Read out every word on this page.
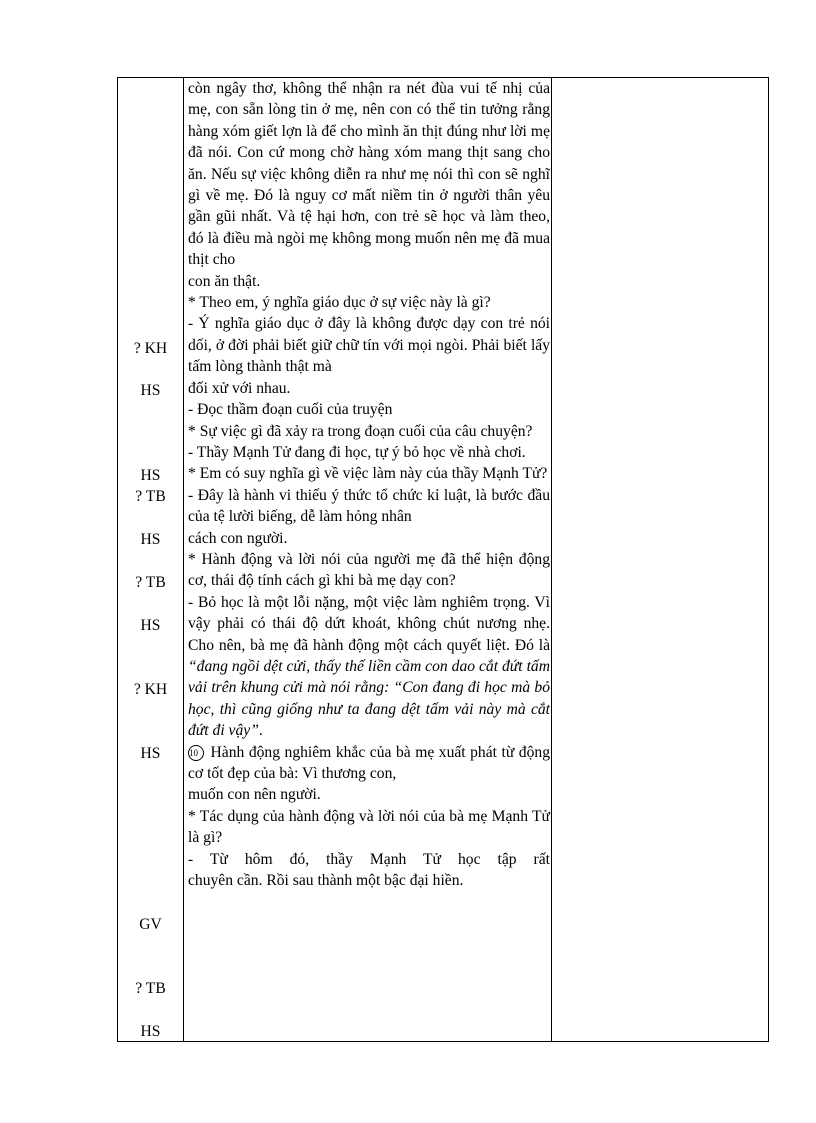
? KH
HS
HS
? TB
HS
? TB
HS
? KH
HS
GV
? TB
HS

còn ngây thơ, không thể nhận ra nét đùa vui tế nhị của mẹ, con sẵn lòng tin ở mẹ, nên con có thể tin tưởng rằng hàng xóm giết lợn là để cho mình ăn thịt đúng như lời mẹ đã nói. Con cứ mong chờ hàng xóm mang thịt sang cho ăn. Nếu sự việc không diễn ra như mẹ nói thì con sẽ nghĩ gì về mẹ. Đó là nguy cơ mất niềm tin ở người thân yêu gần gũi nhất. Và tệ hại hơn, con trẻ sẽ học và làm theo, đó là điều mà ngòi mẹ không mong muốn nên mẹ đã mua thịt cho

con ăn thật.

* Theo em, ý nghĩa giáo dục ở sự việc này là gì?

- Ý nghĩa giáo dục ở đây là không được dạy con trẻ nói dối, ở đời phải biết giữ chữ tín với mọi ngòi. Phải biết lấy tấm lòng thành thật mà

đối xử với nhau.

- Đọc thầm đoạn cuối của truyện

* Sự việc gì đã xảy ra trong đoạn cuối của câu chuyện?

- Thầy Mạnh Tử đang đi học, tự ý bỏ học về nhà chơi.

* Em có suy nghĩa gì về việc làm này của thầy Mạnh Tử?

- Đây là hành vi thiếu ý thức tổ chức kỉ luật, là bước đầu của tệ lười biếng, dễ làm hỏng nhân

cách con người.

* Hành động và lời nói của người mẹ đã thể hiện động cơ, thái độ tính cách gì khi bà mẹ dạy con?

- Bỏ học là một lỗi nặng, một việc làm nghiêm trọng. Vì vậy phải có thái độ dứt khoát, không chút nương nhẹ. Cho nên, bà mẹ đã hành động một cách quyết liệt. Đó là “đang ngồi dệt cửi, thấy thế liền cầm con dao cắt đứt tấm vải trên khung cửi mà nói rằng: “Con đang đi học mà bỏ học, thì cũng giống như ta đang dệt tấm vải này mà cắt đứt đi vậy”.

10 Hành động nghiêm khắc của bà mẹ xuất phát từ động cơ tốt đẹp của bà: Vì thương con,

muốn con nên người.

* Tác dụng của hành động và lời nói của bà mẹ Mạnh Tử là gì?

- Từ hôm đó, thầy Mạnh Tử học tập rất

chuyên cần. Rồi sau thành một bậc đại hiền.
